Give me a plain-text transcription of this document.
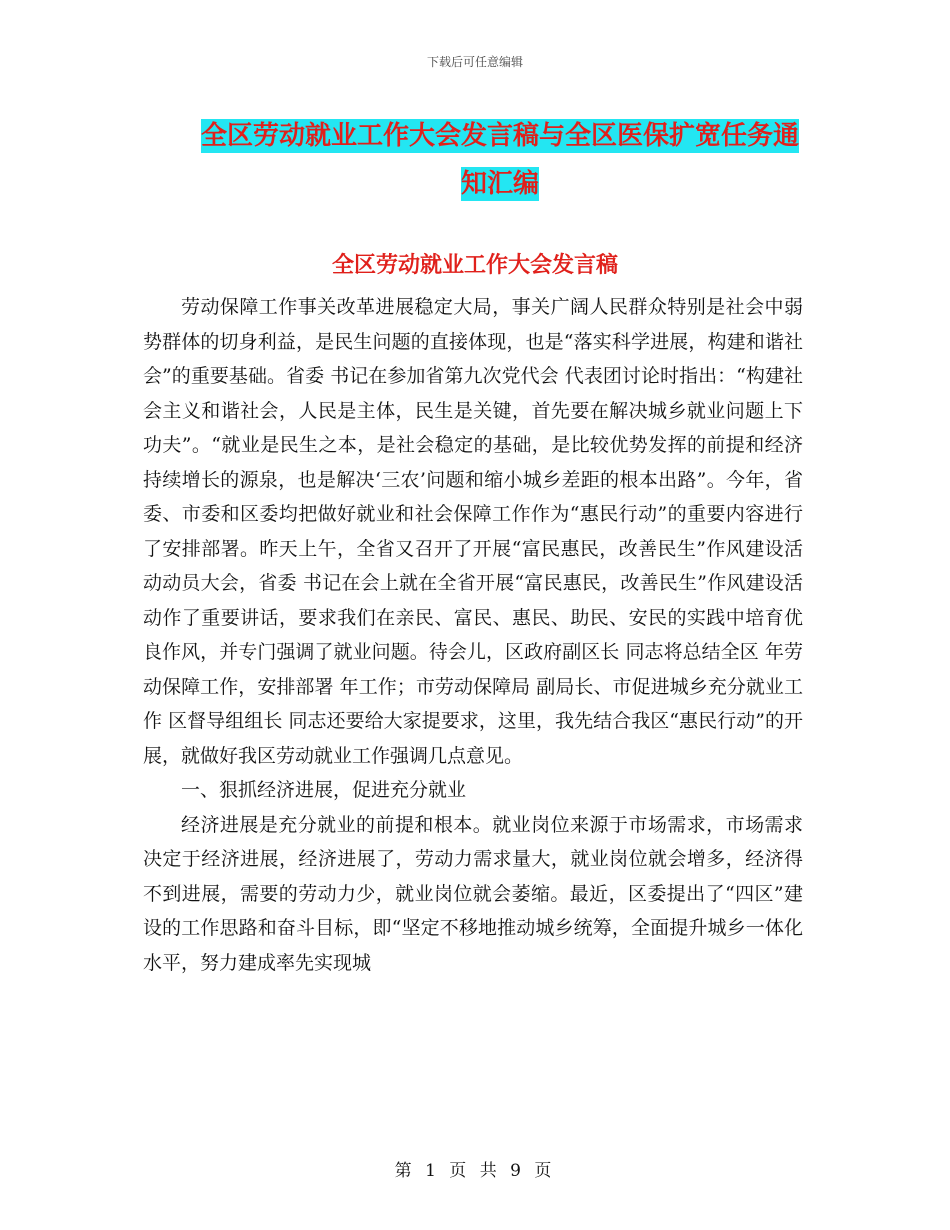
下载后可任意编辑
全区劳动就业工作大会发言稿与全区医保扩宽任务通
知汇编
全区劳动就业工作大会发言稿

劳动保障工作事关改革进展稳定大局，事关广阔人民群众特别是社会中弱势群体的切身利益，是民生问题的直接体现，也是“落实科学进展，构建和谐社会”的重要基础。省委 书记在参加省第九次党代会 代表团讨论时指出：“构建社会主义和谐社会，人民是主体，民生是关键，首先要在解决城乡就业问题上下功夫”。“就业是民生之本，是社会稳定的基础，是比较优势发挥的前提和经济持续增长的源泉，也是解决‘三农’问题和缩小城乡差距的根本出路”。今年，省委、市委和区委均把做好就业和社会保障工作作为“惠民行动”的重要内容进行了安排部署。昨天上午，全省又召开了开展“富民惠民，改善民生”作风建设活动动员大会，省委 书记在会上就在全省开展“富民惠民，改善民生”作风建设活动作了重要讲话，要求我们在亲民、富民、惠民、助民、安民的实践中培育优良作风，并专门强调了就业问题。待会儿，区政府副区长 同志将总结全区 年劳动保障工作，安排部署 年工作；市劳动保障局 副局长、市促进城乡充分就业工作 区督导组组长 同志还要给大家提要求，这里，我先结合我区“惠民行动”的开展，就做好我区劳动就业工作强调几点意见。

一、狠抓经济进展，促进充分就业

经济进展是充分就业的前提和根本。就业岗位来源于市场需求，市场需求决定于经济进展，经济进展了，劳动力需求量大，就业岗位就会增多，经济得不到进展，需要的劳动力少，就业岗位就会萎缩。最近，区委提出了“四区”建设的工作思路和奋斗目标，即“坚定不移地推动城乡统筹，全面提升城乡一体化水平，努力建成率先实现城

第 1 页 共 9 页
